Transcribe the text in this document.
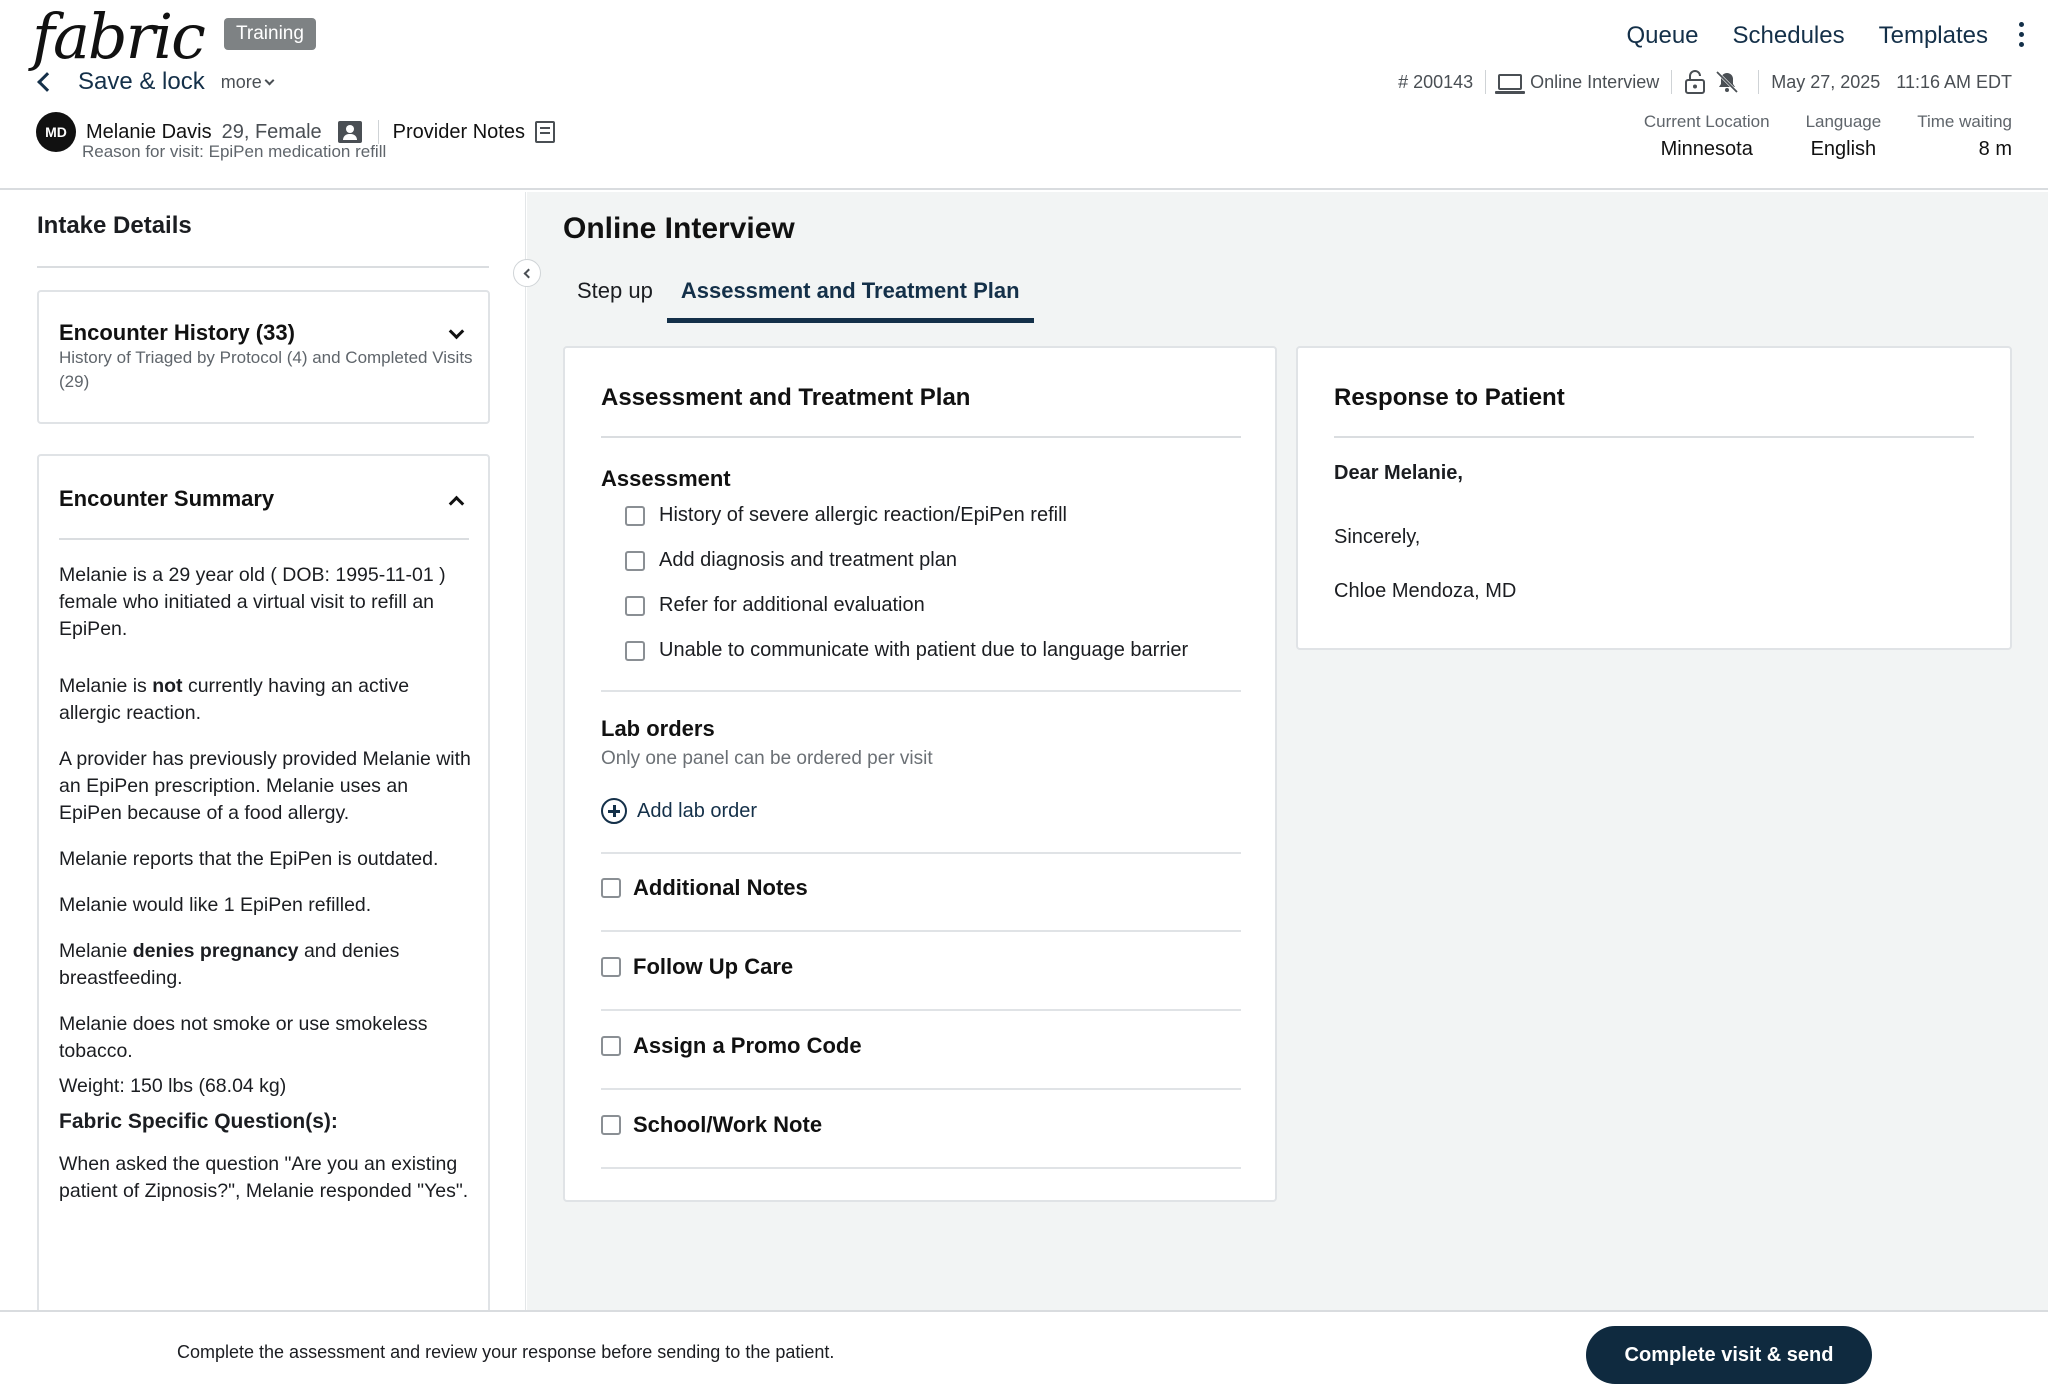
fabric	Training	Queue Schedules Templates
Save & lock more	# 200143	Online Interview	May 27, 2025 11:16 AM EDT
MD Melanie Davis 29, Female	Provider Notes
Reason for visit: EpiPen medication refill
Current Location
Minnesota
Language
English
Time waiting
8 m
Intake Details
Encounter History (33)
History of Triaged by Protocol (4) and Completed Visits (29)
Encounter Summary

Melanie is a 29 year old ( DOB: 1995-11-01 ) female who initiated a virtual visit to refill an EpiPen.

Melanie is not currently having an active allergic reaction.

A provider has previously provided Melanie with an EpiPen prescription. Melanie uses an EpiPen because of a food allergy.

Melanie reports that the EpiPen is outdated.

Melanie would like 1 EpiPen refilled.

Melanie denies pregnancy and denies breastfeeding.

Melanie does not smoke or use smokeless tobacco.

Weight: 150 lbs (68.04 kg)

Fabric Specific Question(s):

When asked the question "Are you an existing patient of Zipnosis?", Melanie responded "Yes".

Online Interview
Step up	Assessment and Treatment Plan
Assessment and Treatment Plan
Assessment
History of severe allergic reaction/EpiPen refill
Add diagnosis and treatment plan
Refer for additional evaluation
Unable to communicate with patient due to language barrier
Lab orders
Only one panel can be ordered per visit
Add lab order
Additional Notes
Follow Up Care
Assign a Promo Code
School/Work Note
Response to Patient
Dear Melanie,
Sincerely,
Chloe Mendoza, MD
Complete the assessment and review your response before sending to the patient.	Complete visit & send
